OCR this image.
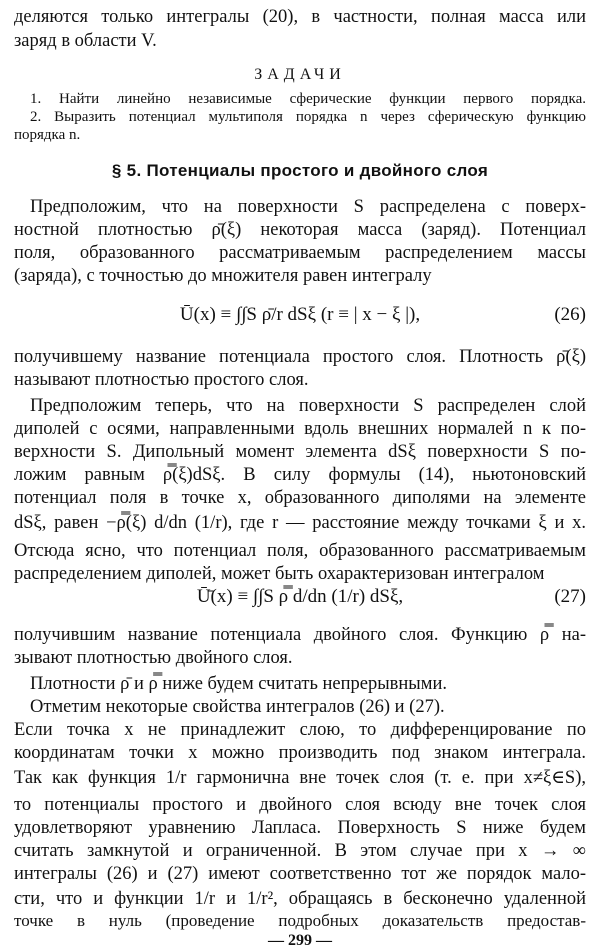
деляются только интегралы (20), в частности, полная масса или
заряд в области V.
ЗАДАЧИ
1. Найти линейно независимые сферические функции первого порядка.
2. Выразить потенциал мультиполя порядка n через сферическую функцию
порядка n.
§ 5. Потенциалы простого и двойного слоя
Предположим, что на поверхности S распределена с поверх-
ностной плотностью ρ̄(ξ) некоторая масса (заряд). Потенциал
поля, образованного рассматриваемым распределением массы
(заряда), с точностью до множителя равен интегралу
Ū(x) ≡ ∫∫S ρ̄/r dSξ (r ≡ | x − ξ |),	(26)
получившему название потенциала простого слоя. Плотность ρ̄(ξ)
называют плотностью простого слоя.
Предположим теперь, что на поверхности S распределен слой
диполей с осями, направленными вдоль внешних нормалей n к по-
верхности S. Дипольный момент элемента dSξ поверхности S по-
ложим равным ρ̿(ξ)dSξ. В силу формулы (14), ньютоновский
потенциал поля в точке x, образованного диполями на элементе
dSξ, равен −ρ̿(ξ) d/dn (1/r), где r — расстояние между точками ξ и x.
Отсюда ясно, что потенциал поля, образованного рассматриваемым
распределением диполей, может быть охарактеризован интегралом
Ū̄(x) ≡ ∫∫S ρ̿ d/dn (1/r) dSξ,	(27)
получившим название потенциала двойного слоя. Функцию ρ̿ на-
зывают плотностью двойного слоя.
Плотности ρ̄ и ρ̿ ниже будем считать непрерывными.
Отметим некоторые свойства интегралов (26) и (27).
Если точка x не принадлежит слою, то дифференцирование по
координатам точки x можно производить под знаком интеграла.
Так как функция 1/r гармонична вне точек слоя (т. е. при x≠ξ∈S),
то потенциалы простого и двойного слоя всюду вне точек слоя
удовлетворяют уравнению Лапласа. Поверхность S ниже будем
считать замкнутой и ограниченной. В этом случае при x → ∞
интегралы (26) и (27) имеют соответственно тот же порядок мало-
сти, что и функции 1/r и 1/r², обращаясь в бесконечно удаленной
точке в нуль (проведение подробных доказательств предостав-
— 299 —
